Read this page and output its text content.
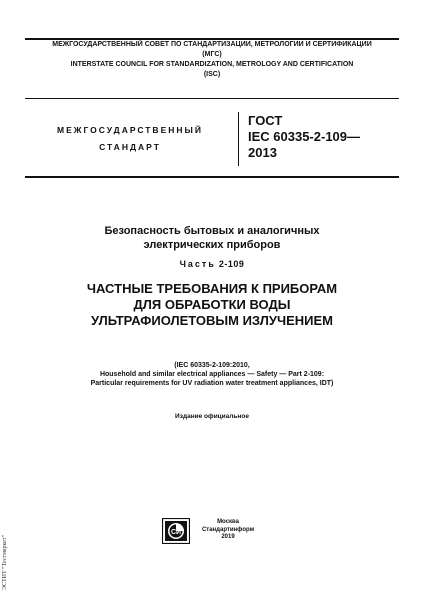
МЕЖГОСУДАРСТВЕННЫЙ СОВЕТ ПО СТАНДАРТИЗАЦИИ, МЕТРОЛОГИИ И СЕРТИФИКАЦИИ
(МГС)
INTERSTATE COUNCIL FOR STANDARDIZATION, METROLOGY AND CERTIFICATION
(ISC)
МЕЖГОСУДАРСТВЕННЫЙ
СТАНДАРТ
ГОСТ
IEC 60335-2-109—
2013
Безопасность бытовых и аналогичных
электрических приборов
Часть 2-109
ЧАСТНЫЕ ТРЕБОВАНИЯ К ПРИБОРАМ
ДЛЯ ОБРАБОТКИ ВОДЫ
УЛЬТРАФИОЛЕТОВЫМ ИЗЛУЧЕНИЕМ
(IEC 60335-2-109:2010,
Household and similar electrical appliances — Safety — Part 2-109:
Particular requirements for UV radiation water treatment appliances, IDT)
Издание официальное
СИ
Москва
Стандартинформ
2019
ЭСТИТ "Тестмаркет"
